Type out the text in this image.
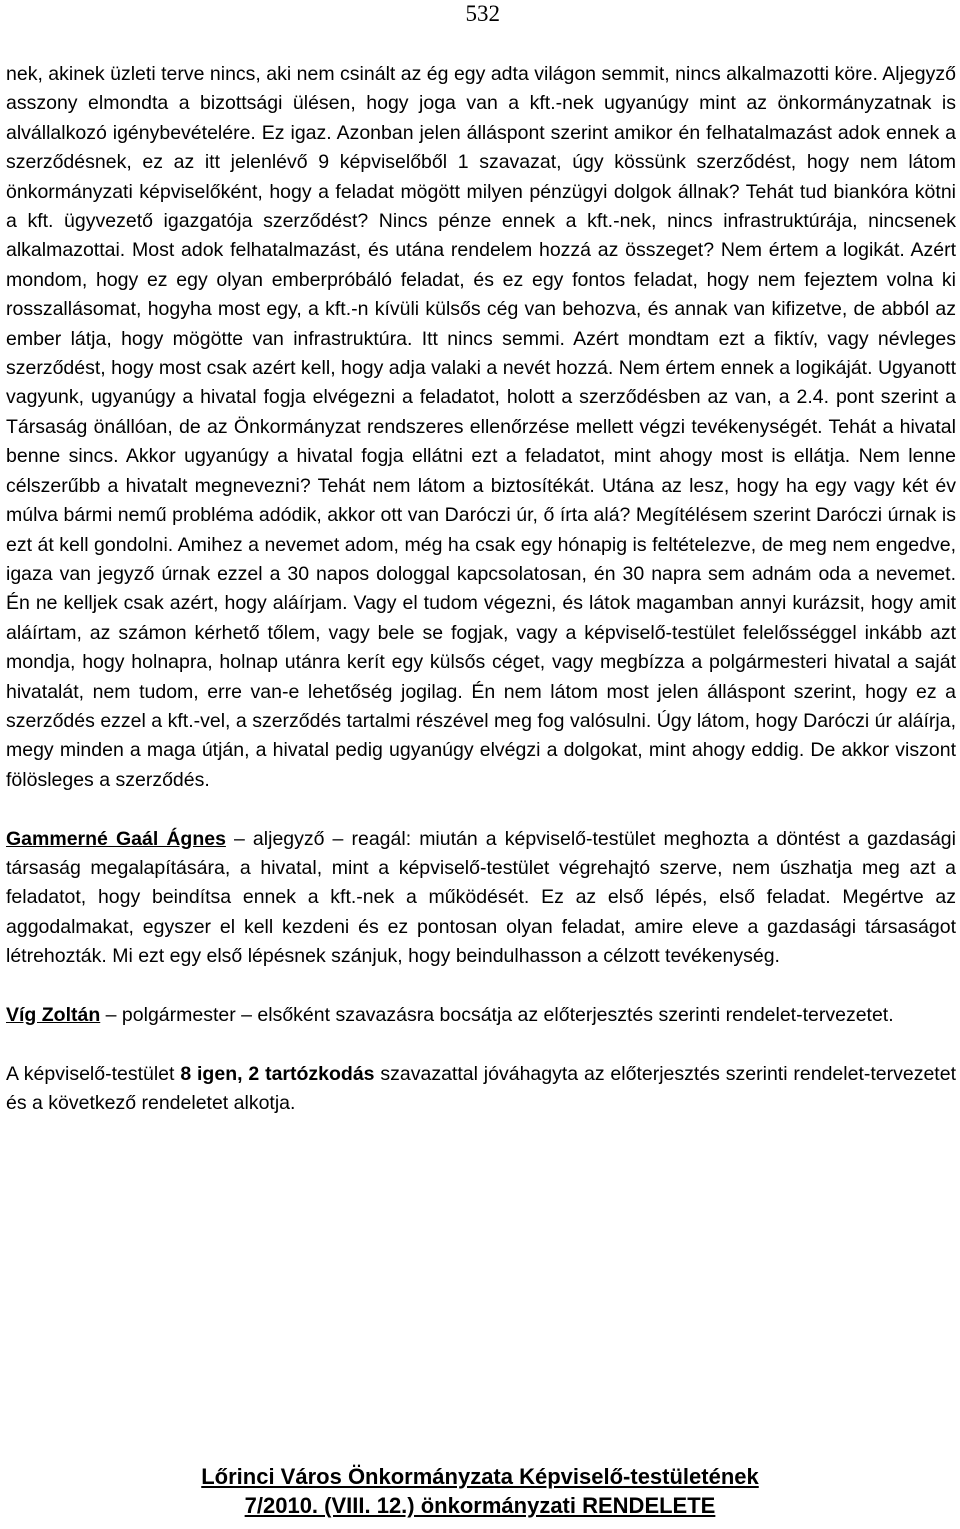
532

nek, akinek üzleti terve nincs, aki nem csinált az ég egy adta világon semmit, nincs alkalmazotti köre. Aljegyző asszony elmondta a bizottsági ülésen, hogy joga van a kft.-nek ugyanúgy mint az önkormányzatnak is alvállalkozó igénybevételére. Ez igaz. Azonban jelen álláspont szerint amikor én felhatalmazást adok ennek a szerződésnek, ez az itt jelenlévő 9 képviselőből 1 szavazat, úgy kössünk szerződést, hogy nem látom önkormányzati képviselőként, hogy a feladat mögött milyen pénzügyi dolgok állnak? Tehát tud biankóra kötni a kft. ügyvezető igazgatója szerződést? Nincs pénze ennek a kft.-nek, nincs infrastruktúrája, nincsenek alkalmazottai. Most adok felhatalmazást, és utána rendelem hozzá az összeget? Nem értem a logikát. Azért mondom, hogy ez egy olyan emberpróbáló feladat, és ez egy fontos feladat, hogy nem fejeztem volna ki rosszallásomat, hogyha most egy, a kft.-n kívüli külsős cég van behozva, és annak van kifizetve, de abból az ember látja, hogy mögötte van infrastruktúra. Itt nincs semmi. Azért mondtam ezt a fiktív, vagy névleges szerződést, hogy most csak azért kell, hogy adja valaki a nevét hozzá. Nem értem ennek a logikáját. Ugyanott vagyunk, ugyanúgy a hivatal fogja elvégezni a feladatot, holott a szerződésben az van, a 2.4. pont szerint a Társaság önállóan, de az Önkormányzat rendszeres ellenőrzése mellett végzi tevékenységét. Tehát a hivatal benne sincs. Akkor ugyanúgy a hivatal fogja ellátni ezt a feladatot, mint ahogy most is ellátja. Nem lenne célszerűbb a hivatalt megnevezni? Tehát nem látom a biztosítékát. Utána az lesz, hogy ha egy vagy két év múlva bármi nemű probléma adódik, akkor ott van Daróczi úr, ő írta alá? Megítélésem szerint Daróczi úrnak is ezt át kell gondolni. Amihez a nevemet adom, még ha csak egy hónapig is feltételezve, de meg nem engedve, igaza van jegyző úrnak ezzel a 30 napos dologgal kapcsolatosan, én 30 napra sem adnám oda a nevemet. Én ne kelljek csak azért, hogy aláírjam. Vagy el tudom végezni, és látok magamban annyi kurázsit, hogy amit aláírtam, az számon kérhető tőlem, vagy bele se fogjak, vagy a képviselő-testület felelősséggel inkább azt mondja, hogy holnapra, holnap utánra kerít egy külsős céget, vagy megbízza a polgármesteri hivatal a saját hivatalát, nem tudom, erre van-e lehetőség jogilag. Én nem látom most jelen álláspont szerint, hogy ez a szerződés ezzel a kft.-vel, a szerződés tartalmi részével meg fog valósulni. Úgy látom, hogy Daróczi úr aláírja, megy minden a maga útján, a hivatal pedig ugyanúgy elvégzi a dolgokat, mint ahogy eddig. De akkor viszont fölösleges a szerződés.

Gammerné Gaál Ágnes – aljegyző – reagál: miután a képviselő-testület meghozta a döntést a gazdasági társaság megalapítására, a hivatal, mint a képviselő-testület végrehajtó szerve, nem úszhatja meg azt a feladatot, hogy beindítsa ennek a kft.-nek a működését. Ez az első lépés, első feladat. Megértve az aggodalmakat, egyszer el kell kezdeni és ez pontosan olyan feladat, amire eleve a gazdasági társaságot létrehozták. Mi ezt egy első lépésnek szánjuk, hogy beindulhasson a célzott tevékenység.

Víg Zoltán – polgármester – elsőként szavazásra bocsátja az előterjesztés szerinti rendelet-tervezetet.

A képviselő-testület 8 igen, 2 tartózkodás szavazattal jóváhagyta az előterjesztés szerinti rendelet-tervezetet és a következő rendeletet alkotja.

Lőrinci Város Önkormányzata Képviselő-testületének
7/2010. (VIII. 12.) önkormányzati RENDELETE
